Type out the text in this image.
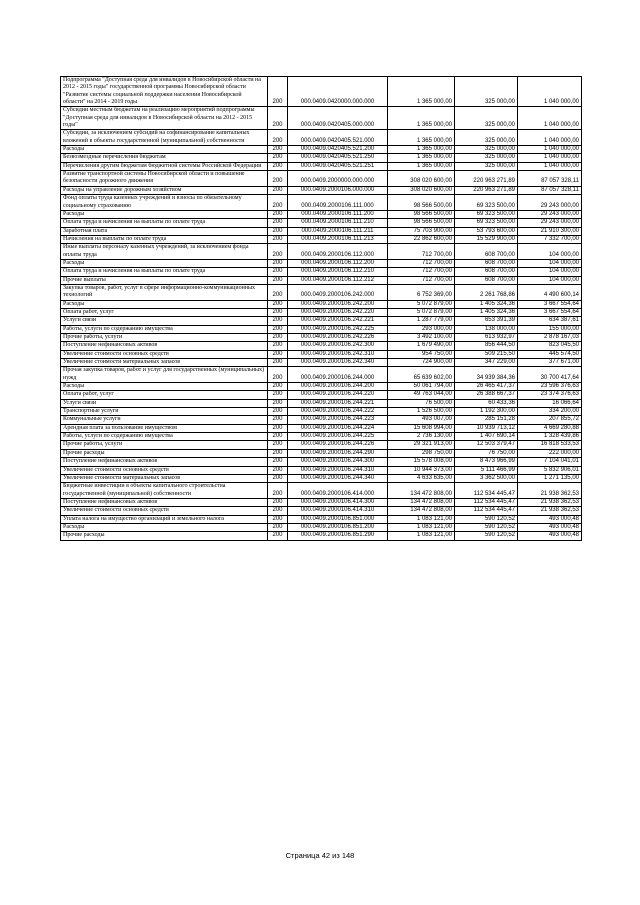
Подпрограмма "Доступная среда для инвалидов в Новосибирской области на 2012 - 2015 годы" государственной программы Новосибирской области "Развитие системы социальной поддержки населения Новосибирской области" на 2014 - 2019 годы	200	000.0409.0420000.000.000	1 365 000,00	325 000,00	1 040 000,00
Субсидии местным бюджетам на реализацию мероприятий подпрограммы "Доступная среда для инвалидов в Новосибирской области на 2012 - 2015 годы"	200	000.0409.0420405.000.000	1 365 000,00	325 000,00	1 040 000,00
Субсидии, за исключением субсидий на софинансирование капитальных вложений в объекты государственной (муниципальной) собственности	200	000.0409.0420405.521.000	1 365 000,00	325 000,00	1 040 000,00
Расходы	200	000.0409.0420405.521.200	1 365 000,00	325 000,00	1 040 000,00
Безвозмездные перечисления бюджетам	200	000.0409.0420405.521.250	1 365 000,00	325 000,00	1 040 000,00
Перечисления другим бюджетам бюджетной системы Российской Федерации	200	000.0409.0420405.521.251	1 365 000,00	325 000,00	1 040 000,00
Развитие транспортной системы Новосибирской области и повышение безопасности дорожного движения	200	000.0409.2000000.000.000	308 020 600,00	220 963 271,89	87 057 328,11
Расходы на управление дорожным хозяйством	200	000.0409.2000106.000.000	308 020 600,00	220 963 271,89	87 057 328,11
Фонд оплаты труда казенных учреждений и взносы по обязательному социальному страхованию	200	000.0409.2000106.111.000	98 566 500,00	69 323 500,00	29 243 000,00
Расходы	200	000.0409.2000106.111.200	98 566 500,00	69 323 500,00	29 243 000,00
Оплата труда и начисления на выплаты по оплате труда	200	000.0409.2000106.111.210	98 566 500,00	69 323 500,00	29 243 000,00
Заработная плата	200	000.0409.2000106.111.211	75 703 900,00	53 793 600,00	21 910 300,00
Начисления на выплаты по оплате труда	200	000.0409.2000106.111.213	22 862 600,00	15 529 900,00	7 332 700,00
Иные выплаты персоналу казенных учреждений, за исключением фонда оплаты труда	200	000.0409.2000106.112.000	712 700,00	608 700,00	104 000,00
Расходы	200	000.0409.2000106.112.200	712 700,00	608 700,00	104 000,00
Оплата труда и начисления на выплаты по оплате труда	200	000.0409.2000106.112.210	712 700,00	608 700,00	104 000,00
Прочие выплаты	200	000.0409.2000106.112.212	712 700,00	608 700,00	104 000,00
Закупка товаров, работ, услуг в сфере информационно-коммуникационных технологий	200	000.0409.2000106.242.000	6 752 369,00	2 261 768,86	4 490 600,14
Расходы	200	000.0409.2000106.242.200	5 072 879,00	1 405 324,36	3 667 554,64
Оплата работ, услуг	200	000.0409.2000106.242.220	5 072 879,00	1 405 324,36	3 667 554,64
Услуги связи	200	000.0409.2000106.242.221	1 287 779,00	653 391,39	634 387,61
Работы, услуги по содержанию имущества	200	000.0409.2000106.242.225	293 000,00	138 000,00	155 000,00
Прочие работы, услуги	200	000.0409.2000106.242.226	3 492 100,00	613 932,97	2 878 167,03
Поступление нефинансовых активов	200	000.0409.2000106.242.300	1 679 490,00	856 444,50	823 045,50
Увеличение стоимости основных средств	200	000.0409.2000106.242.310	954 750,00	509 215,50	445 574,50
Увеличение стоимости материальных запасов	200	000.0409.2000106.242.340	724 900,00	347 229,00	377 671,00
Прочая закупка товаров, работ и услуг для государственных (муниципальных) нужд	200	000.0409.2000106.244.000	65 639 602,00	34 939 384,36	30 700 417,64
Расходы	200	000.0409.2000106.244.200	50 061 794,00	26 465 417,37	23 596 376,63
Оплата работ, услуг	200	000.0409.2000106.244.220	49 763 044,00	26 388 667,37	23 374 376,63
Услуги связи	200	000.0409.2000106.244.221	76 500,00	60 433,36	16 066,64
Транспортные услуги	200	000.0409.2000106.244.222	1 526 500,00	1 192 300,00	334 200,00
Коммунальные услуги	200	000.0409.2000106.244.223	493 007,00	285 151,28	207 855,72
Арендная плата за пользование имуществом	200	000.0409.2000106.244.224	15 608 994,00	10 939 713,12	4 669 280,88
Работы, услуги по содержанию имущества	200	000.0409.2000106.244.225	2 736 130,00	1 407 690,14	1 328 439,86
Прочие работы, услуги	200	000.0409.2000106.244.226	29 321 913,00	12 503 379,47	16 818 533,53
Прочие расходы	200	000.0409.2000106.244.290	298 750,00	76 750,00	222 000,00
Поступление нефинансовых активов	200	000.0409.2000106.244.300	15 578 008,00	8 473 966,99	7 104 041,01
Увеличение стоимости основных средств	200	000.0409.2000106.244.310	10 944 373,00	5 111 466,99	5 832 906,01
Увеличение стоимости материальных запасов	200	000.0409.2000106.244.340	4 633 635,00	3 362 500,00	1 271 135,00
Бюджетные инвестиции в объекты капитального строительства государственной (муниципальной) собственности	200	000.0409.2000106.414.000	134 472 808,00	112 534 445,47	21 938 362,53
Поступление нефинансовых активов	200	000.0409.2000106.414.300	134 472 808,00	112 534 445,47	21 938 362,53
Увеличение стоимости основных средств	200	000.0409.2000106.414.310	134 472 808,00	112 534 445,47	21 938 362,53
Уплата налога на имущество организаций и земельного налога	200	000.0409.2000106.851.000	1 083 121,00	590 120,52	493 000,48
Расходы	200	000.0409.2000106.851.200	1 083 121,00	590 120,52	493 000,48
Прочие расходы	200	000.0409.2000106.851.290	1 083 121,00	590 120,52	493 000,48
Страница 42 из 148
